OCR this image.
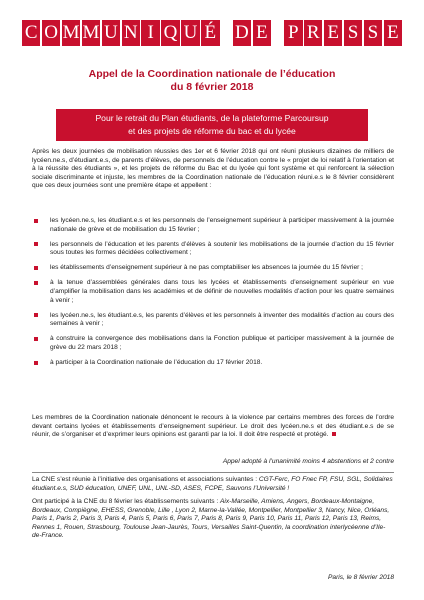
C O M M U N I Q U É D E P R E S S E
Appel de la Coordination nationale de l’éducation
du 8 février 2018
Pour le retrait du Plan étudiants, de la plateforme Parcoursup
et des projets de réforme du bac et du lycée
Après les deux journées de mobilisation réussies des 1er et 6 février 2018 qui ont réuni plusieurs dizaines de milliers de lycéen.ne.s, d’étudiant.e.s, de parents d’élèves, de personnels de l’éducation contre le « projet de loi relatif à l’orientation et à la réussite des étudiants », et les projets de réforme du Bac et du lycée qui font système et qui renforcent la sélection sociale discriminante et injuste, les membres de la Coordination nationale de l’éducation réuni.e.s le 8 février considèrent que ces deux journées sont une première étape et appellent :
les lycéen.ne.s, les étudiant.e.s et les personnels de l’enseignement supérieur à participer massivement à la journée nationale de grève et de mobilisation du 15 février ;
les personnels de l’éducation et les parents d’élèves à soutenir les mobilisations de la journée d’action du 15 février sous toutes les formes décidées collectivement ;
les établissements d’enseignement supérieur à ne pas comptabiliser les absences la journée du 15 février ;
à la tenue d’assemblées générales dans tous les lycées et établissements d’enseignement supérieur en vue d’amplifier la mobilisation dans les académies et de définir de nouvelles modalités d’action pour les quatre semaines à venir ;
les lycéen.ne.s, les étudiant.e.s, les parents d’élèves et les personnels à inventer des modalités d’action au cours des semaines à venir ;
à construire la convergence des mobilisations dans la Fonction publique et participer massivement à la journée de grève du 22 mars 2018 ;
à participer à la Coordination nationale de l’éducation du 17 février 2018.
Les membres de la Coordination nationale dénoncent le recours à la violence par certains membres des forces de l’ordre devant certains lycées et établissements d’enseignement supérieur. Le droit des lycéen.ne.s et des étudiant.e.s de se réunir, de s’organiser et d’exprimer leurs opinions est garanti par la loi. Il doit être respecté et protégé.
Appel adopté à l’unanimité moins 4 abstentions et 2 contre
La CNE s’est réunie à l’initiative des organisations et associations suivantes : CGT-Ferc, FO Fnec FP, FSU, SGL, Solidaires étudiant.e.s, SUD éducation, UNEF, UNL, UNL-SD, ASES, FCPE, Sauvons l’Université !
Ont participé à la CNE du 8 février les établissements suivants : Aix-Marseille, Amiens, Angers, Bordeaux-Montaigne, Bordeaux, Compiègne, EHESS, Grenoble, Lille , Lyon 2, Marne-la-Vallée, Montpellier, Montpellier 3, Nancy, Nice, Orléans, Paris 1, Paris 2, Paris 3, Paris 4, Paris 5, Paris 6, Paris 7, Paris 8, Paris 9, Paris 10, Paris 11, Paris 12, Paris 13, Reims, Rennes 1, Rouen, Strasbourg, Toulouse Jean-Jaurès, Tours, Versailles Saint-Quentin, la coordination interlycéenne d’Ile-de-France.
Paris, le 8 février 2018
